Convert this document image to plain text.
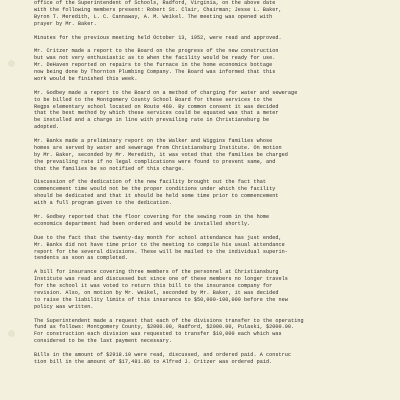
office of the Superintendent of Schools, Radford, Virginia, on the above date
with the following members present: Robert St. Clair, Chairman; Jesse L. Baker,
Byron T. Meredith, L. C. Cannaway, A. M. Weikel. The meeting was opened with
prayer by Mr. Baker.
Minutes for the previous meeting held October 13, 1952, were read and approved.
Mr. Critzer made a report to the Board on the progress of the new construction
but was not very enthusiastic as to when the facility would be ready for use.
Mr. DeHaven reported on repairs to the furnace in the home economics bottage
now being done by Thornton Plumbing Company. The Board was informed that this
work would be finished this week.
Mr. Godbey made a report to the Board on a method of charging for water and sewerage
to be billed to the Montgomery County School Board for these services to the
Regps elementary school located on Route 460. By common consent it was decided
that the best method by which these services could be equated was that a meter
be installed and a charge in line with prevailing rate in Christiansburg be
adopted.
Mr. Banks made a preliminary report on the Walker and Wiggins families whose
homes are served by water and sewerage from Christiansburg Institute. On motion
by Mr. Baker, seconded by Mr. Meredith, it was voted that the families be charged
the prevailing rate if no legal complications were found to prevent same, and
that the families be so notified of this charge.
Discussion of the dedication of the new facility brought out the fact that
commencement time would not be the proper conditions under which the facility
should be dedicated and that it should be held some time prior to commencement
with a full program given to the dedication.
Mr. Godbey reported that the floor covering for the sewing room in the home
economics department had been ordered and would be installed shortly.
Due to the fact that the twenty-day month for school attendance has just ended,
Mr. Banks did not have time prior to the meeting to compile his usual attendance
report for the several divisions. These will be mailed to the individual superin-
tendents as soon as completed.
A bill for insurance covering three members of the personnel at Christiansburg
Institute was read and discussed but since one of these members no longer travels
for the school it was voted to return this bill to the insurance company for
revision. Also, on motion by Mr. Weikel, seconded by Mr. Baker, it was decided
to raise the liability limits of this insurance to $50,000-100,000 before the new
policy was written.
The Superintendent made a request that each of the divisions transfer to the operating
fund as follows: Montgomery County, $2000.00, Radford, $2000.00, Pulaski, $2000.00.
For construction each division was requested to transfer $10,000 each which was
considered to be the last payment necessary.
Bills in the amount of $2918.10 were read, discussed, and ordered paid. A construc
tion bill in the amount of $17,481.86 to Alfred J. Critzer was ordered paid.
